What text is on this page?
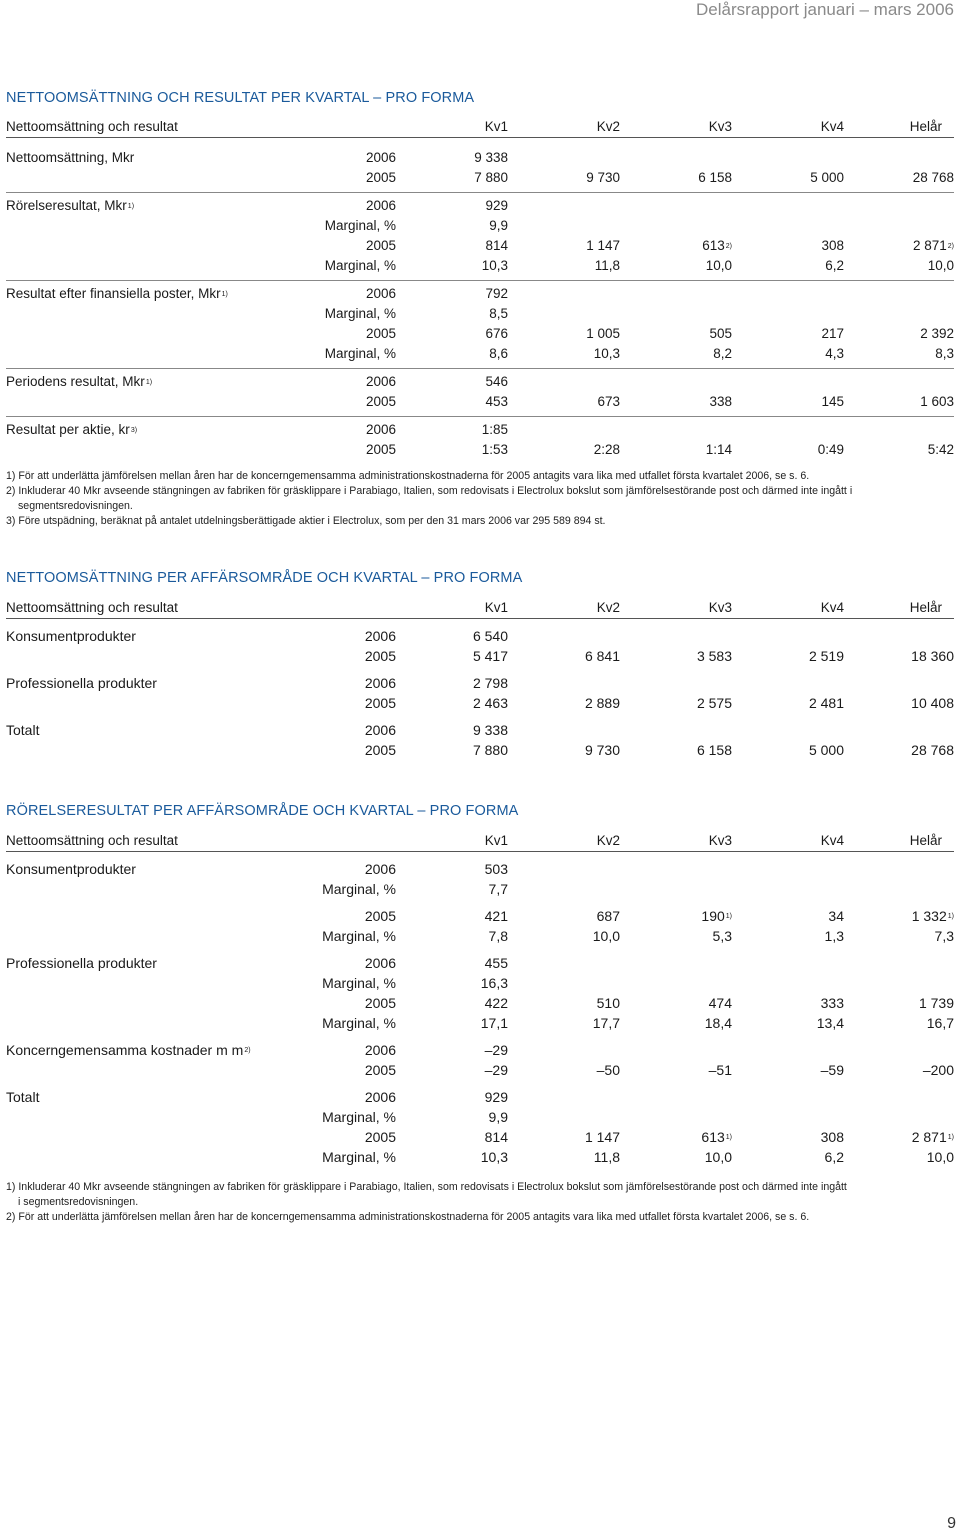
Delårsrapport januari – mars 2006
NETTOOMSÄTTNING OCH RESULTAT PER KVARTAL – PRO FORMA
Nettoomsättning och resultat	Kv1	Kv2	Kv3	Kv4	Helår
Nettoomsättning, Mkr	2006	9 338
2005	7 880	9 730	6 158	5 000	28 768
Rörelseresultat, Mkr$^{1)}$	2006	929
Marginal, %	9,9
2005	814	1 147	613$^{2)}$	308	2 871$^{2)}$
Marginal, %	10,3	11,8	10,0	6,2	10,0
Resultat efter finansiella poster, Mkr$^{1)}$	2006	792
Marginal, %	8,5
2005	676	1 005	505	217	2 392
Marginal, %	8,6	10,3	8,2	4,3	8,3
Periodens resultat, Mkr$^{1)}$	2006	546
2005	453	673	338	145	1 603
Resultat per aktie, $kr^{3)}$	2006	1:85
2005	1:53	2:28	1:14	0:49	5:42
1) För att underlätta jämförelsen mellan åren har de koncerngemensamma administrationskostnaderna för 2005 antagits vara lika med utfallet första kvartalet 2006, se s. 6.
2) Inkluderar 40 Mkr avseende stängningen av fabriken för gräsklippare i Parabiago, Italien, som redovisats i Electrolux bokslut som jämförelsestörande post och därmed inte ingått i
segmentsredovisningen.
3) Före utspädning, beräknat på antalet utdelningsberättigade aktier i Electrolux, som per den 31 mars 2006 var 295 589 894 st.
NETTOOMSÄTTNING PER AFFÄRSOMRÅDE OCH KVARTAL – PRO FORMA
Nettoomsättning och resultat	Kv1	Kv2	Kv3	Kv4	Helår
Konsumentprodukter	2006	6 540
2005	5 417	6 841	3 583	2 519	18 360
Professionella produkter	2006	2 798
2005	2 463	2 889	2 575	2 481	10 408
Totalt	2006	9 338
2005	7 880	9 730	6 158	5 000	28 768
RÖRELSERESULTAT PER AFFÄRSOMRÅDE OCH KVARTAL – PRO FORMA
Nettoomsättning och resultat	Kv1	Kv2	Kv3	Kv4	Helår
Konsumentprodukter	2006	503
Marginal, %	7,7
2005	421	687	190$^{1)}$	34	1 332$^{1)}$
Marginal, %	7,8	10,0	5,3	1,3	7,3
Professionella produkter	2006	455
Marginal, %	16,3
2005	422	510	474	333	1 739
Marginal, %	17,1	17,7	18,4	13,4	16,7
Koncerngemensamma kostnader m $m^{2)}$	2006	–29
2005	–29	–50	–51	–59	–200
Totalt	2006	929
Marginal, %	9,9
2005	814	1 147	613$^{1)}$	308	2 871$^{1)}$
Marginal, %	10,3	11,8	10,0	6,2	10,0
1) Inkluderar 40 Mkr avseende stängningen av fabriken för gräsklippare i Parabiago, Italien, som redovisats i Electrolux bokslut som jämförelsestörande post och därmed inte ingått
i segmentsredovisningen.
2) För att underlätta jämförelsen mellan åren har de koncerngemensamma administrationskostnaderna för 2005 antagits vara lika med utfallet första kvartalet 2006, se s. 6.
9
